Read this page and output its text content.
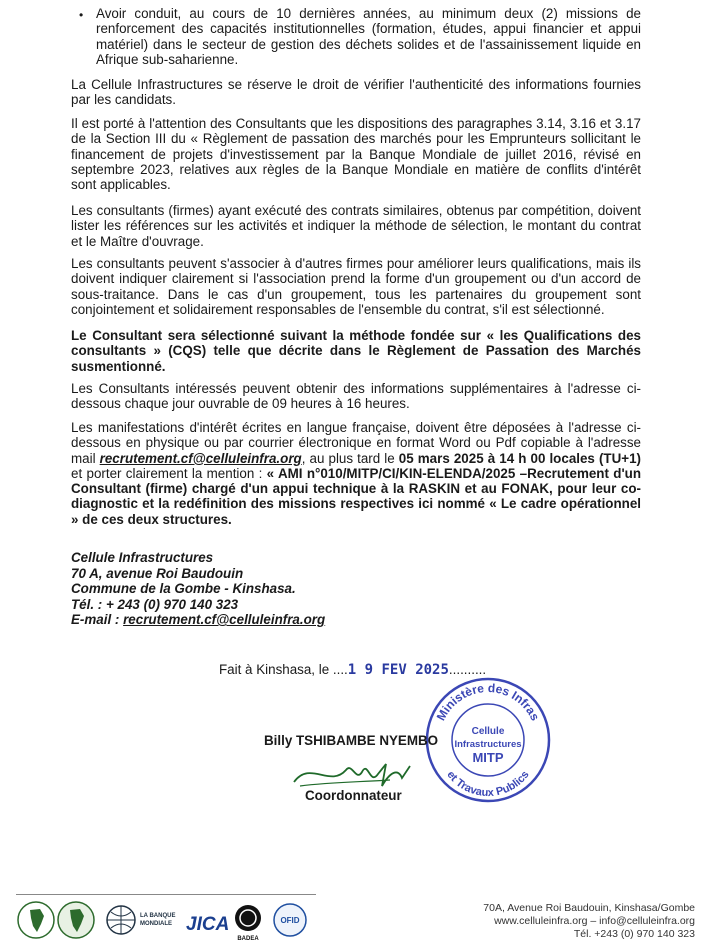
• Avoir conduit, au cours de 10 dernières années, au minimum deux (2) missions de renforcement des capacités institutionnelles (formation, études, appui financier et appui matériel) dans le secteur de gestion des déchets solides et de l'assainissement liquide en Afrique sub-saharienne.

La Cellule Infrastructures se réserve le droit de vérifier l'authenticité des informations fournies par les candidats.

Il est porté à l'attention des Consultants que les dispositions des paragraphes 3.14, 3.16 et 3.17 de la Section III du « Règlement de passation des marchés pour les Emprunteurs sollicitant le financement de projets d'investissement par la Banque Mondiale de juillet 2016, révisé en septembre 2023, relatives aux règles de la Banque Mondiale en matière de conflits d'intérêt sont applicables.

Les consultants (firmes) ayant exécuté des contrats similaires, obtenus par compétition, doivent lister les références sur les activités et indiquer la méthode de sélection, le montant du contrat et le Maître d'ouvrage.

Les consultants peuvent s'associer à d'autres firmes pour améliorer leurs qualifications, mais ils doivent indiquer clairement si l'association prend la forme d'un groupement ou d'un accord de sous-traitance. Dans le cas d'un groupement, tous les partenaires du groupement sont conjointement et solidairement responsables de l'ensemble du contrat, s'il est sélectionné.

Le Consultant sera sélectionné suivant la méthode fondée sur « les Qualifications des consultants » (CQS) telle que décrite dans le Règlement de Passation des Marchés susmentionné.

Les Consultants intéressés peuvent obtenir des informations supplémentaires à l'adresse ci-dessous chaque jour ouvrable de 09 heures à 16 heures.

Les manifestations d'intérêt écrites en langue française, doivent être déposées à l'adresse ci-dessous en physique ou par courrier électronique en format Word ou Pdf copiable à l'adresse mail recrutement.cf@celluleinfra.org, au plus tard le 05 mars 2025 à 14 h 00 locales (TU+1) et porter clairement la mention : « AMI n°010/MITP/CI/KIN-ELENDA/2025 –Recrutement d'un Consultant (firme) chargé d'un appui technique à la RASKIN et au FONAK, pour leur co-diagnostic et la redéfinition des missions respectives ici nommé « Le cadre opérationnel » de ces deux structures.

Cellule Infrastructures
70 A, avenue Roi Baudouin
Commune de la Gombe - Kinshasa.
Tél. : + 243 (0) 970 140 323
E-mail : recrutement.cf@celluleinfra.org
Fait à Kinshasa, le ....1 9 FEV 2025..........
Ministère des Infras
et Travaux Publics
Cellule
Infrastructures
MITP
Billy TSHIBAMBE NYEMBO
Coordonnateur
LA BANQUE
MONDIALE JICA
BADEA
OFID
70A, Avenue Roi Baudouin, Kinshasa/Gombe
www.celluleinfra.org – info@celluleinfra.org
Tél. +243 (0) 970 140 323
